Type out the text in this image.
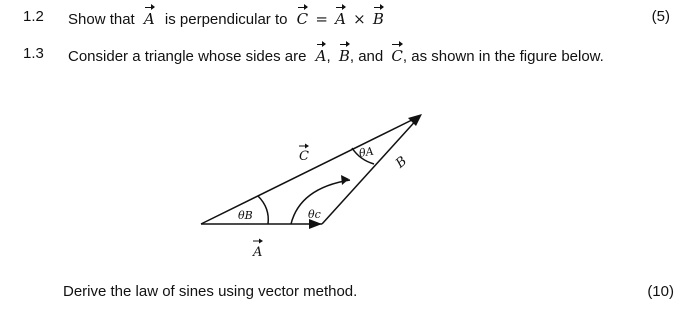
1.2 Show that A is perpendicular to C = A × B	(5)
1.3 Consider a triangle whose sides are A, B, and C, as shown in the figure below.
A
C	B
θB	θc
θA
Derive the law of sines using vector method.	(10)
